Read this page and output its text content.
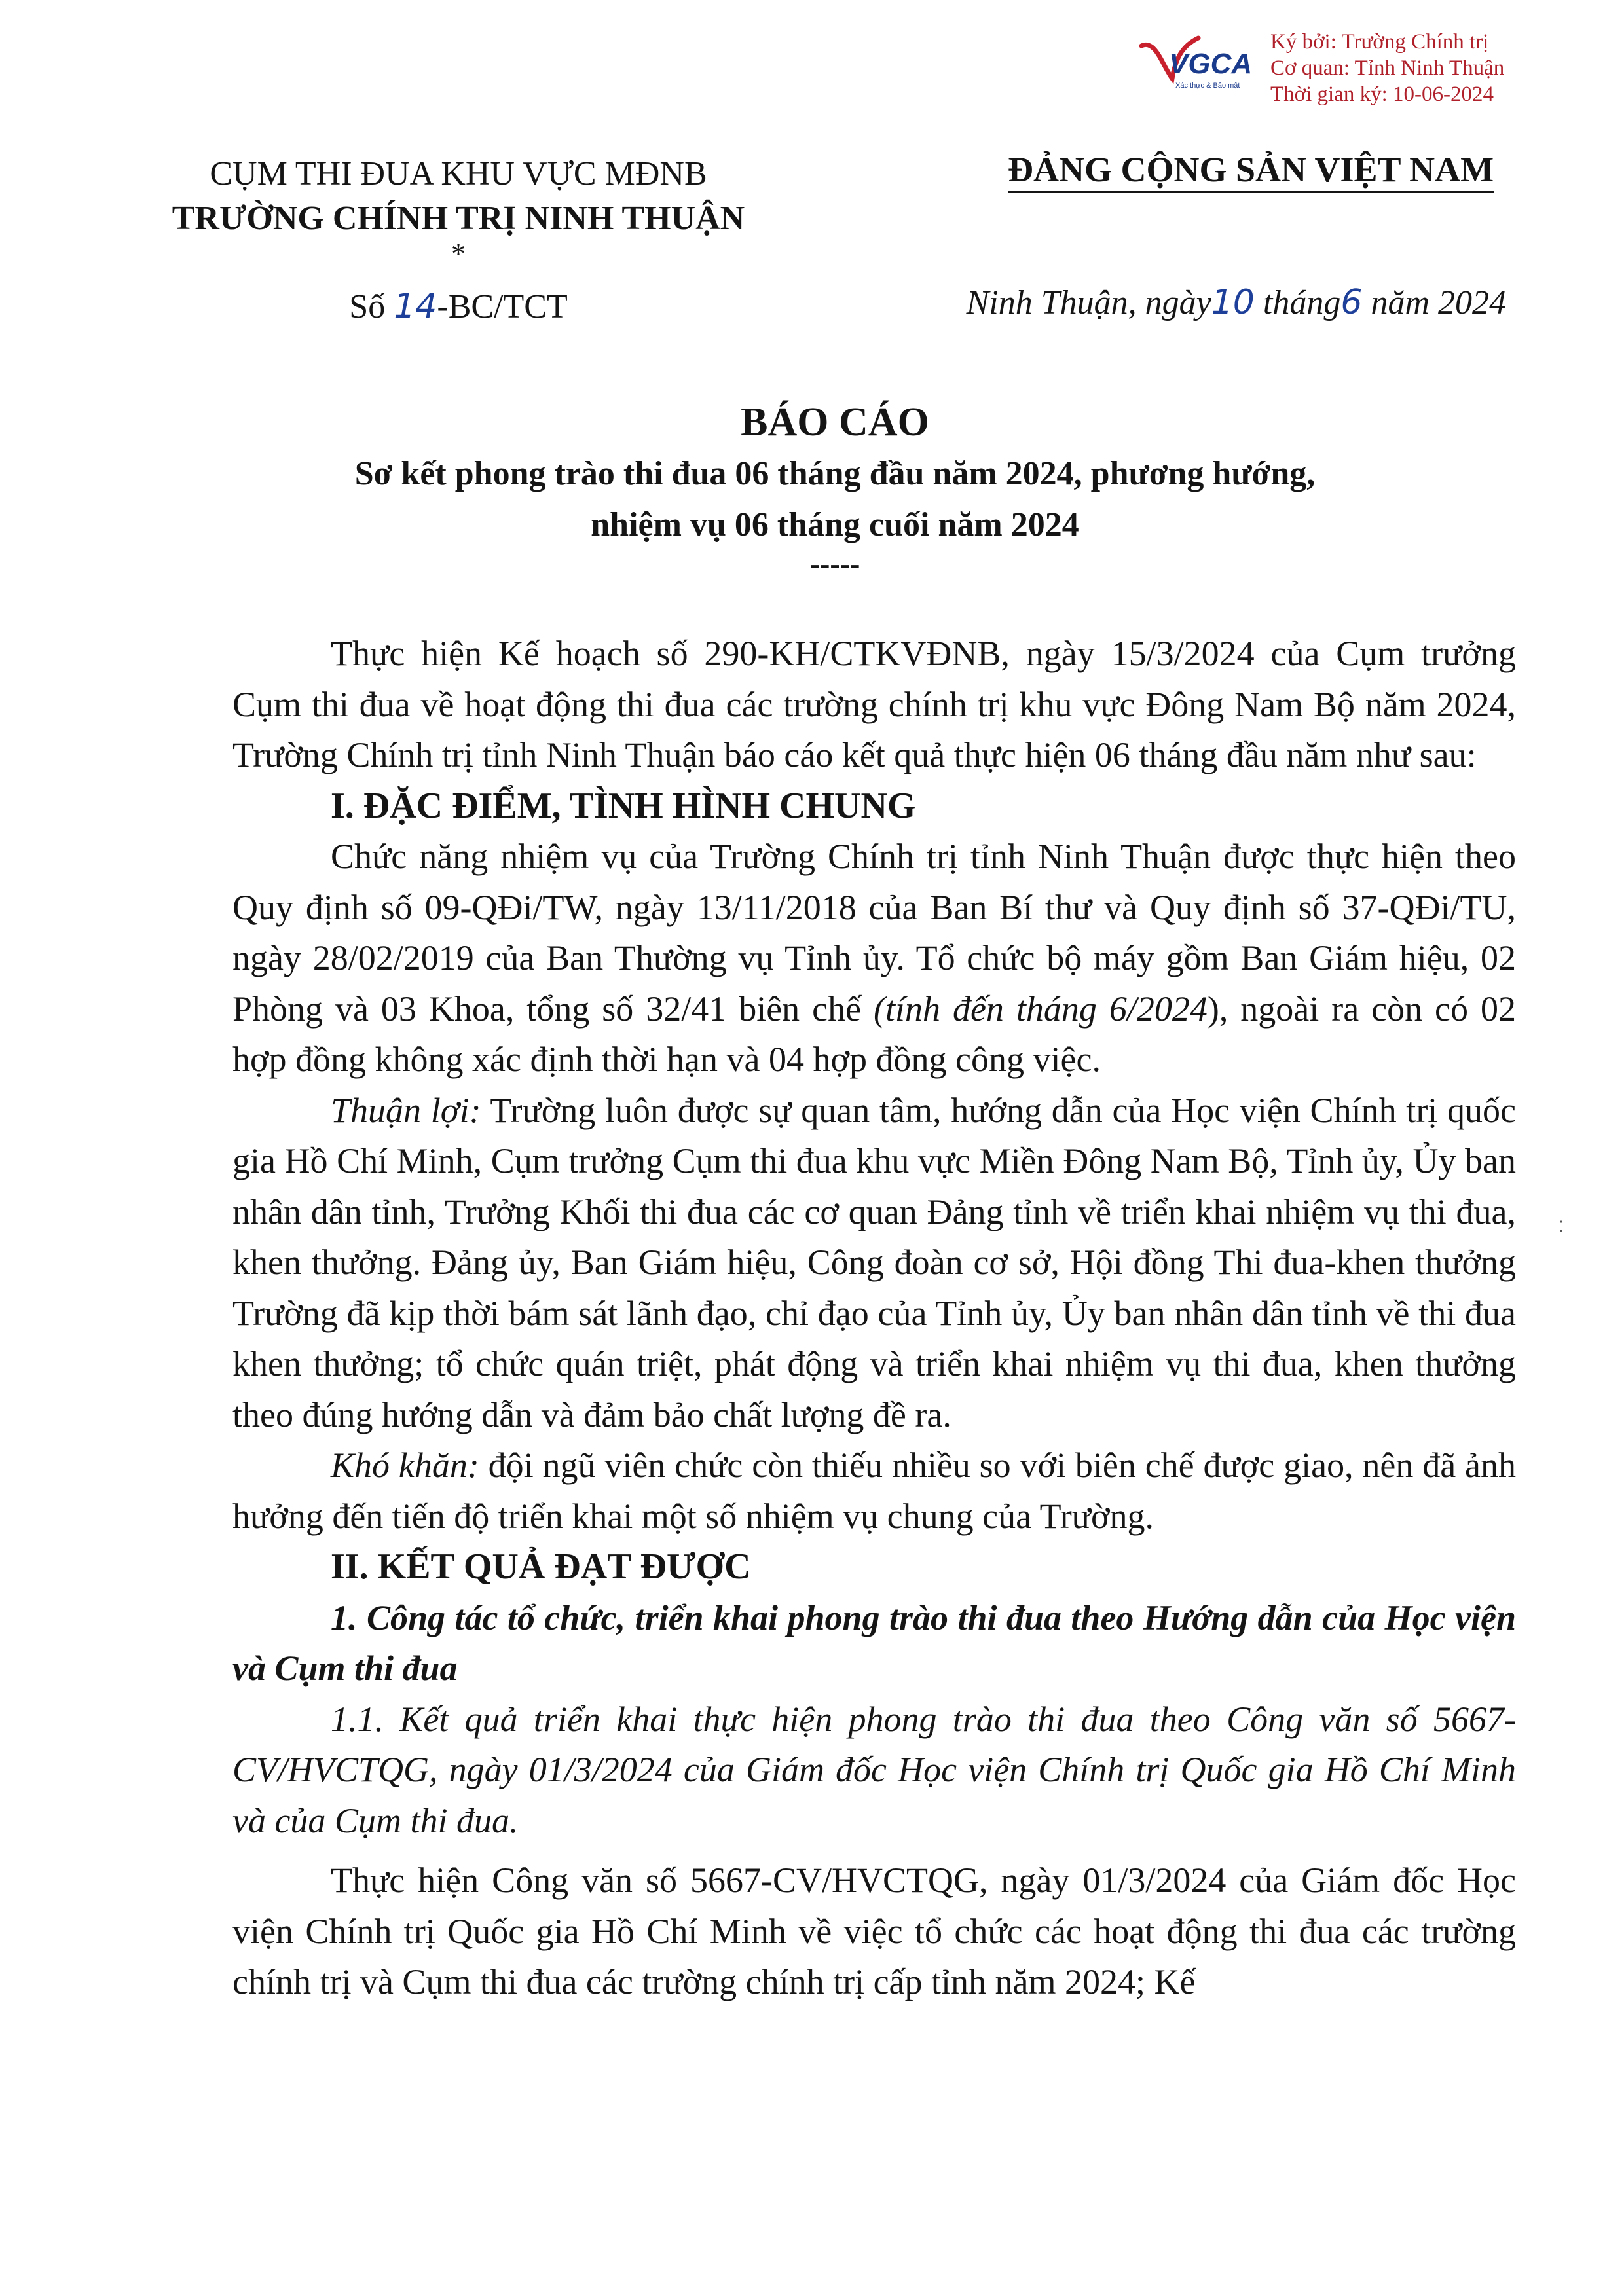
VGCA
Xác thực & Bảo mật
Ký bởi: Trường Chính trị
Cơ quan: Tỉnh Ninh Thuận
Thời gian ký: 10-06-2024
CỤM THI ĐUA KHU VỰC MĐNB
TRƯỜNG CHÍNH TRỊ NINH THUẬN
*
ĐẢNG CỘNG SẢN VIỆT NAM
Số 14-BC/TCT	Ninh Thuận, ngày10 tháng6 năm 2024
BÁO CÁO
Sơ kết phong trào thi đua 06 tháng đầu năm 2024, phương hướng,
nhiệm vụ 06 tháng cuối năm 2024
-----

Thực hiện Kế hoạch số 290-KH/CTKVĐNB, ngày 15/3/2024 của Cụm trưởng Cụm thi đua về hoạt động thi đua các trường chính trị khu vực Đông Nam Bộ năm 2024, Trường Chính trị tỉnh Ninh Thuận báo cáo kết quả thực hiện 06 tháng đầu năm như sau:

I. ĐẶC ĐIỂM, TÌNH HÌNH CHUNG

Chức năng nhiệm vụ của Trường Chính trị tỉnh Ninh Thuận được thực hiện theo Quy định số 09-QĐi/TW, ngày 13/11/2018 của Ban Bí thư và Quy định số 37-QĐi/TU, ngày 28/02/2019 của Ban Thường vụ Tỉnh ủy. Tổ chức bộ máy gồm Ban Giám hiệu, 02 Phòng và 03 Khoa, tổng số 32/41 biên chế (tính đến tháng 6/2024), ngoài ra còn có 02 hợp đồng không xác định thời hạn và 04 hợp đồng công việc.

Thuận lợi: Trường luôn được sự quan tâm, hướng dẫn của Học viện Chính trị quốc gia Hồ Chí Minh, Cụm trưởng Cụm thi đua khu vực Miền Đông Nam Bộ, Tỉnh ủy, Ủy ban nhân dân tỉnh, Trưởng Khối thi đua các cơ quan Đảng tỉnh về triển khai nhiệm vụ thi đua, khen thưởng. Đảng ủy, Ban Giám hiệu, Công đoàn cơ sở, Hội đồng Thi đua-khen thưởng Trường đã kịp thời bám sát lãnh đạo, chỉ đạo của Tỉnh ủy, Ủy ban nhân dân tỉnh về thi đua khen thưởng; tổ chức quán triệt, phát động và triển khai nhiệm vụ thi đua, khen thưởng theo đúng hướng dẫn và đảm bảo chất lượng đề ra.

Khó khăn: đội ngũ viên chức còn thiếu nhiều so với biên chế được giao, nên đã ảnh hưởng đến tiến độ triển khai một số nhiệm vụ chung của Trường.

II. KẾT QUẢ ĐẠT ĐƯỢC

1. Công tác tổ chức, triển khai phong trào thi đua theo Hướng dẫn của Học viện và Cụm thi đua

1.1. Kết quả triển khai thực hiện phong trào thi đua theo Công văn số 5667-CV/HVCTQG, ngày 01/3/2024 của Giám đốc Học viện Chính trị Quốc gia Hồ Chí Minh và của Cụm thi đua.

Thực hiện Công văn số 5667-CV/HVCTQG, ngày 01/3/2024 của Giám đốc Học viện Chính trị Quốc gia Hồ Chí Minh về việc tổ chức các hoạt động thi đua các trường chính trị và Cụm thi đua các trường chính trị cấp tỉnh năm 2024; Kế

⁚
